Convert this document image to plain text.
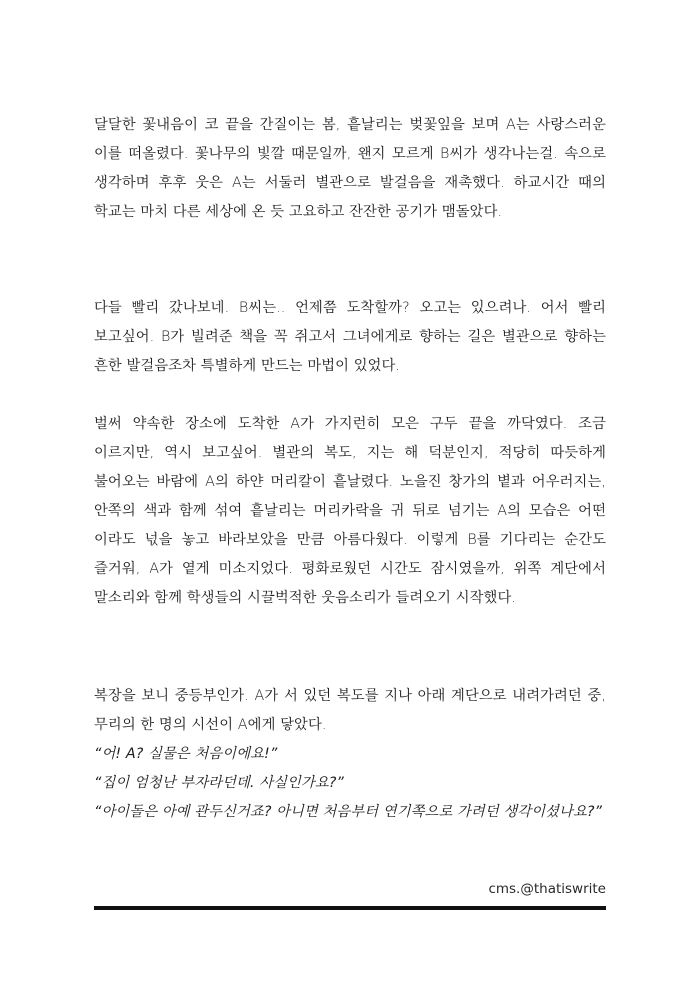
달달한 꽃내음이 코 끝을 간질이는 봄, 흩날리는 벚꽃잎을 보며 A는 사랑스러운 이를 떠올렸다. 꽃나무의 빛깔 때문일까, 왠지 모르게 B씨가 생각나는걸. 속으로 생각하며 후후 웃은 A는 서둘러 별관으로 발걸음을 재촉했다. 하교시간 때의 학교는 마치 다른 세상에 온 듯 고요하고 잔잔한 공기가 맴돌았다.

다들 빨리 갔나보네. B씨는.. 언제쯤 도착할까? 오고는 있으려나. 어서 빨리 보고싶어. B가 빌려준 책을 꼭 쥐고서 그녀에게로 향하는 길은 별관으로 향하는 흔한 발걸음조차 특별하게 만드는 마법이 있었다.

벌써 약속한 장소에 도착한 A가 가지런히 모은 구두 끝을 까닥였다. 조금 이르지만, 역시 보고싶어. 별관의 복도, 지는 해 덕분인지, 적당히 따듯하게 불어오는 바람에 A의 하얀 머리칼이 흩날렸다. 노을진 창가의 볕과 어우러지는, 안쪽의 색과 함께 섞여 흩날리는 머리카락을 귀 뒤로 넘기는 A의 모습은 어떤 이라도 넋을 놓고 바라보았을 만큼 아름다웠다. 이렇게 B를 기다리는 순간도 즐거워, A가 옅게 미소지었다. 평화로웠던 시간도 잠시였을까, 위쪽 계단에서 말소리와 함께 학생들의 시끌벅적한 웃음소리가 들려오기 시작했다.

복장을 보니 중등부인가. A가 서 있던 복도를 지나 아래 계단으로 내려가려던 중, 무리의 한 명의 시선이 A에게 닿았다.
“어! A? 실물은 처음이에요!”
“집이 엄청난 부자라던데. 사실인가요?”
“아이돌은 아예 관두신거죠? 아니면 처음부터 연기쪽으로 가려던 생각이셨나요?”
cms.@thatiswrite
